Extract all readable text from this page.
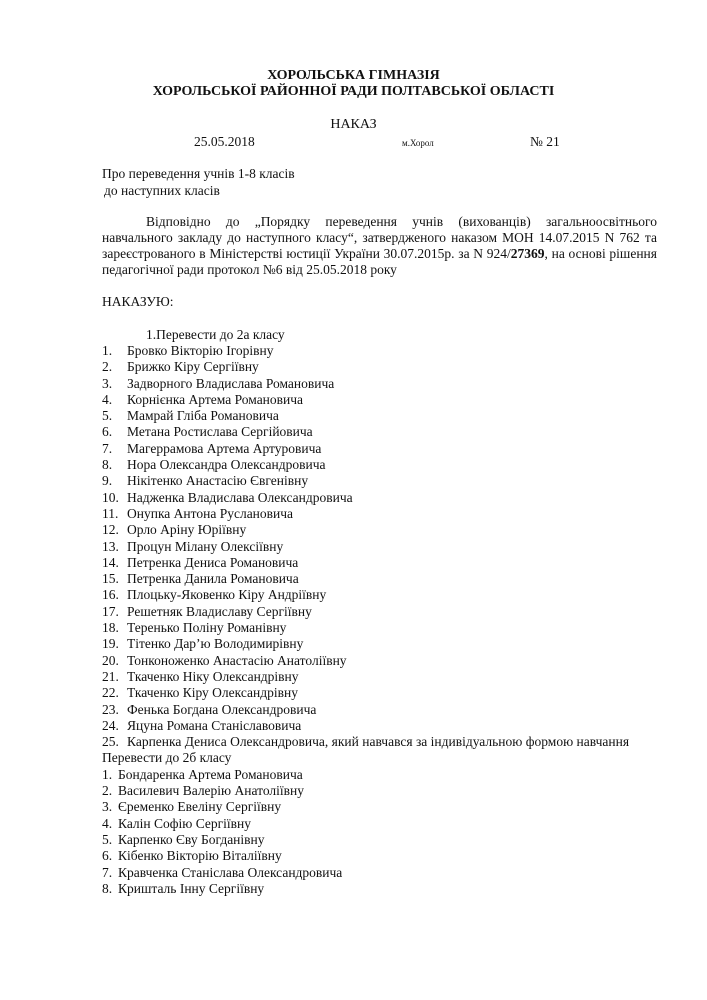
ХОРОЛЬСЬКА ГІМНАЗІЯ
ХОРОЛЬСЬКОЇ РАЙОННОЇ РАДИ ПОЛТАВСЬКОЇ ОБЛАСТІ
НАКАЗ
25.05.2018	м.Хорол	№ 21
Про переведення учнів 1-8 класів
до наступних класів

Відповідно до „Порядку переведення учнів (вихованців) загальноосвітнього навчального закладу до наступного класу“, затвердженого наказом МОН 14.07.2015 N 762 та зареєстрованого в Міністерстві юстиції України 30.07.2015р. за N 924/27369, на основі рішення педагогічної ради протокол №6 від 25.05.2018 року

НАКАЗУЮ:
1.Перевести до 2а класу
1. Бровко Вікторію Ігорівну
2. Брижко Кіру Сергіївну
3. Задворного Владислава Романовича
4. Корнієнка Артема Романовича
5. Мамрай Гліба Романовича
6. Метана Ростислава Сергійовича
7. Магеррамова Артема Артуровича
8. Нора Олександра Олександровича
9. Нікітенко Анастасію Євгенівну
10. Надженка Владислава Олександровича
11. Онупка Антона Руслановича
12. Орло Аріну Юріївну
13. Процун Мілану Олексіївну
14. Петренка Дениса Романовича
15. Петренка Данила Романовича
16. Плоцьку-Яковенко Кіру Андріївну
17. Решетняк Владиславу Сергіївну
18. Теренько Поліну Романівну
19. Тітенко Дар’ю Володимирівну
20. Тонконоженко Анастасію Анатоліївну
21. Ткаченко Ніку Олександрівну
22. Ткаченко Кіру Олександрівну
23. Фенька Богдана Олександровича
24. Яцуна Романа Станіславовича
25. Карпенка Дениса Олександровича, який навчався за індивідуальною формою навчання
Перевести до 2б класу
1. Бондаренка Артема Романовича
2. Василевич Валерію Анатоліївну
3. Єременко Евеліну Сергіївну
4. Калін Софію Сергіївну
5. Карпенко Єву Богданівну
6. Кібенко Вікторію Віталіївну
7. Кравченка Станіслава Олександровича
8. Кришталь Інну Сергіївну
